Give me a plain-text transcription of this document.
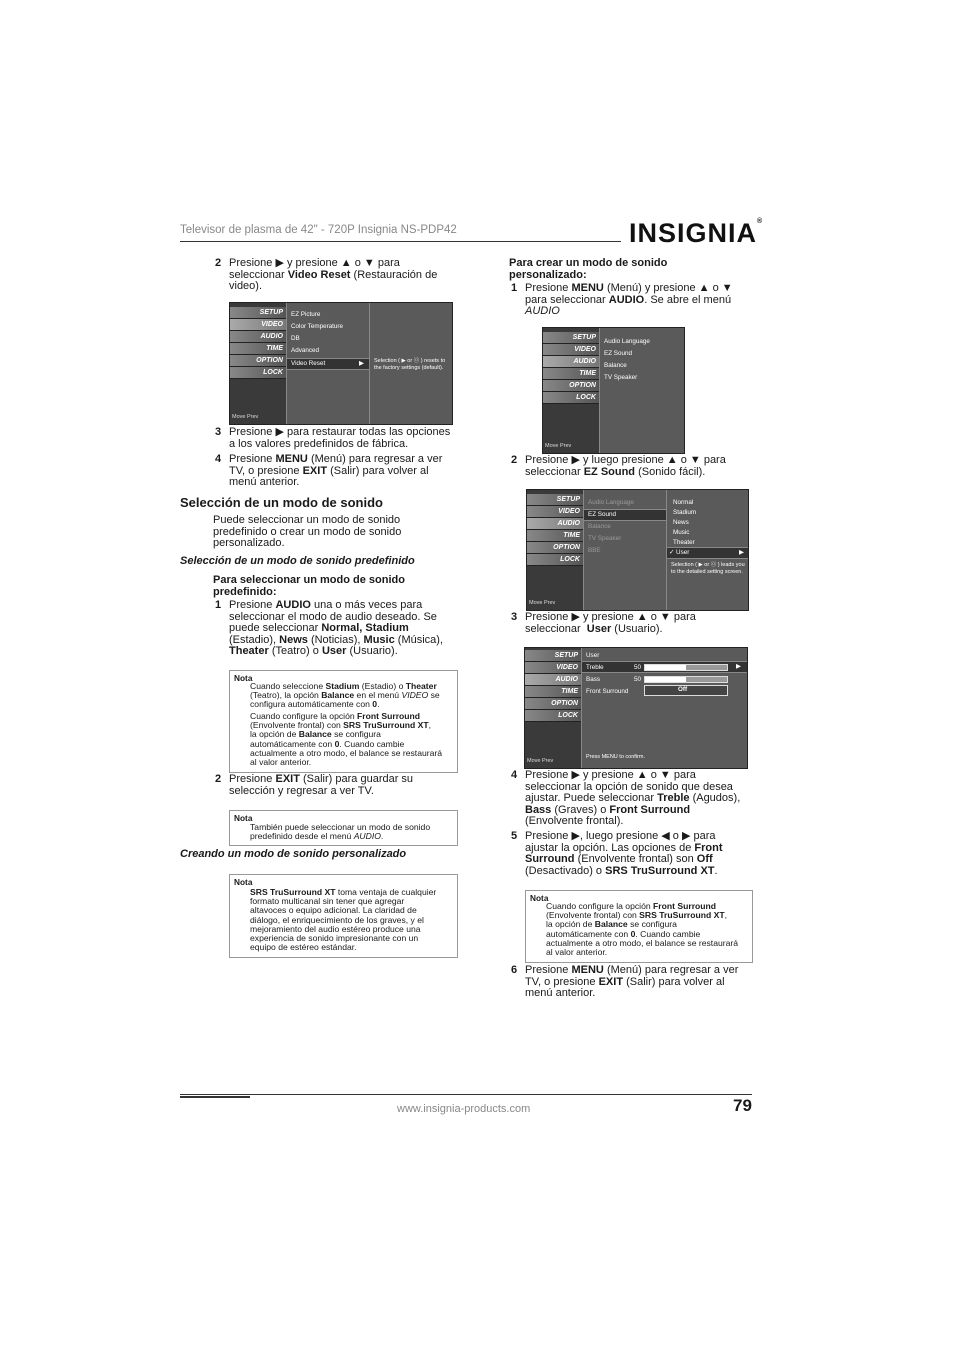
Televisor de plasma de 42" - 720P Insignia NS-PDP42	INSIGNIA®
2 Presione ▶ y presione ▲ o ▼ para
seleccionar Video Reset (Restauración de video).
SETUP
VIDEO
AUDIO
TIME
OPTION
LOCK
Move Prev
EZ Picture
Color Temperature
DB
Advanced
Video Reset	▶ Selection ( ▶ or ⓞ ) resets to the factory settings (default).
3 Presione ▶ para restaurar todas las opciones
a los valores predefinidos de fábrica.
4 Presione MENU (Menú) para regresar a ver
TV, o presione EXIT (Salir) para volver al
menú anterior.
Selección de un modo de sonido
Puede seleccionar un modo de sonido
predefinido o crear un modo de sonido
personalizado.
Selección de un modo de sonido predefinido
Para seleccionar un modo de sonido
predefinido:
1 Presione AUDIO una o más veces para
seleccionar el modo de audio deseado. Se
puede seleccionar Normal, Stadium
(Estadio), News (Noticias), Music (Música),
Theater (Teatro) o User (Usuario).
Nota
Cuando seleccione Stadium (Estadio) o Theater
(Teatro), la opción Balance en el menú VIDEO se
configura automáticamente con 0.
Cuando configure la opción Front Surround
(Envolvente frontal) con SRS TruSurround XT,
la opción de Balance se configura
automáticamente con 0. Cuando cambie
actualmente a otro modo, el balance se restaurará
al valor anterior.
2 Presione EXIT (Salir) para guardar su
selección y regresar a ver TV.
Nota
También puede seleccionar un modo de sonido
predefinido desde el menú AUDIO.
Creando un modo de sonido personalizado
Nota
SRS TruSurround XT toma ventaja de cualquier
formato multicanal sin tener que agregar
altavoces o equipo adicional. La claridad de
diálogo, el enriquecimiento de los graves, y el
mejoramiento del audio estéreo produce una
experiencia de sonido impresionante con un
equipo de estéreo estándar.
Para crear un modo de sonido
personalizado:
1 Presione MENU (Menú) y presione ▲ o ▼
para seleccionar AUDIO. Se abre el menú
AUDIO
SETUP
VIDEO
AUDIO
TIME
OPTION
LOCK
Move Prev
Audio Language
EZ Sound
Balance
TV Speaker
2 Presione ▶ y luego presione ▲ o ▼ para
seleccionar EZ Sound (Sonido fácil).
SETUP
VIDEO
AUDIO
TIME
OPTION
LOCK
Move Prev
Audio Language
EZ Sound
Balance
TV Speaker
BBE
Normal
Stadium
News
Music
Theater
✓ User	▶
Selection ( ▶ or ⓞ ) leads you to the detailed setting screen.
3 Presione ▶ y presione ▲ o ▼ para
seleccionar User (Usuario).
SETUP
VIDEO
AUDIO
TIME
OPTION
LOCK
Move Prev
User
Treble	50	▶
Bass	50
Front Surround	Off
Press MENU to confirm.
4 Presione ▶ y presione ▲ o ▼ para
seleccionar la opción de sonido que desea
ajustar. Puede seleccionar Treble (Agudos),
Bass (Graves) o Front Surround
(Envolvente frontal).
5 Presione ▶, luego presione ◀ o ▶ para
ajustar la opción. Las opciones de Front
Surround (Envolvente frontal) son Off
(Desactivado) o SRS TruSurround XT.
Nota
Cuando configure la opción Front Surround
(Envolvente frontal) con SRS TruSurround XT,
la opción de Balance se configura
automáticamente con 0. Cuando cambie
actualmente a otro modo, el balance se restaurará
al valor anterior.
6 Presione MENU (Menú) para regresar a ver
TV, o presione EXIT (Salir) para volver al
menú anterior.
www.insignia-products.com	79
